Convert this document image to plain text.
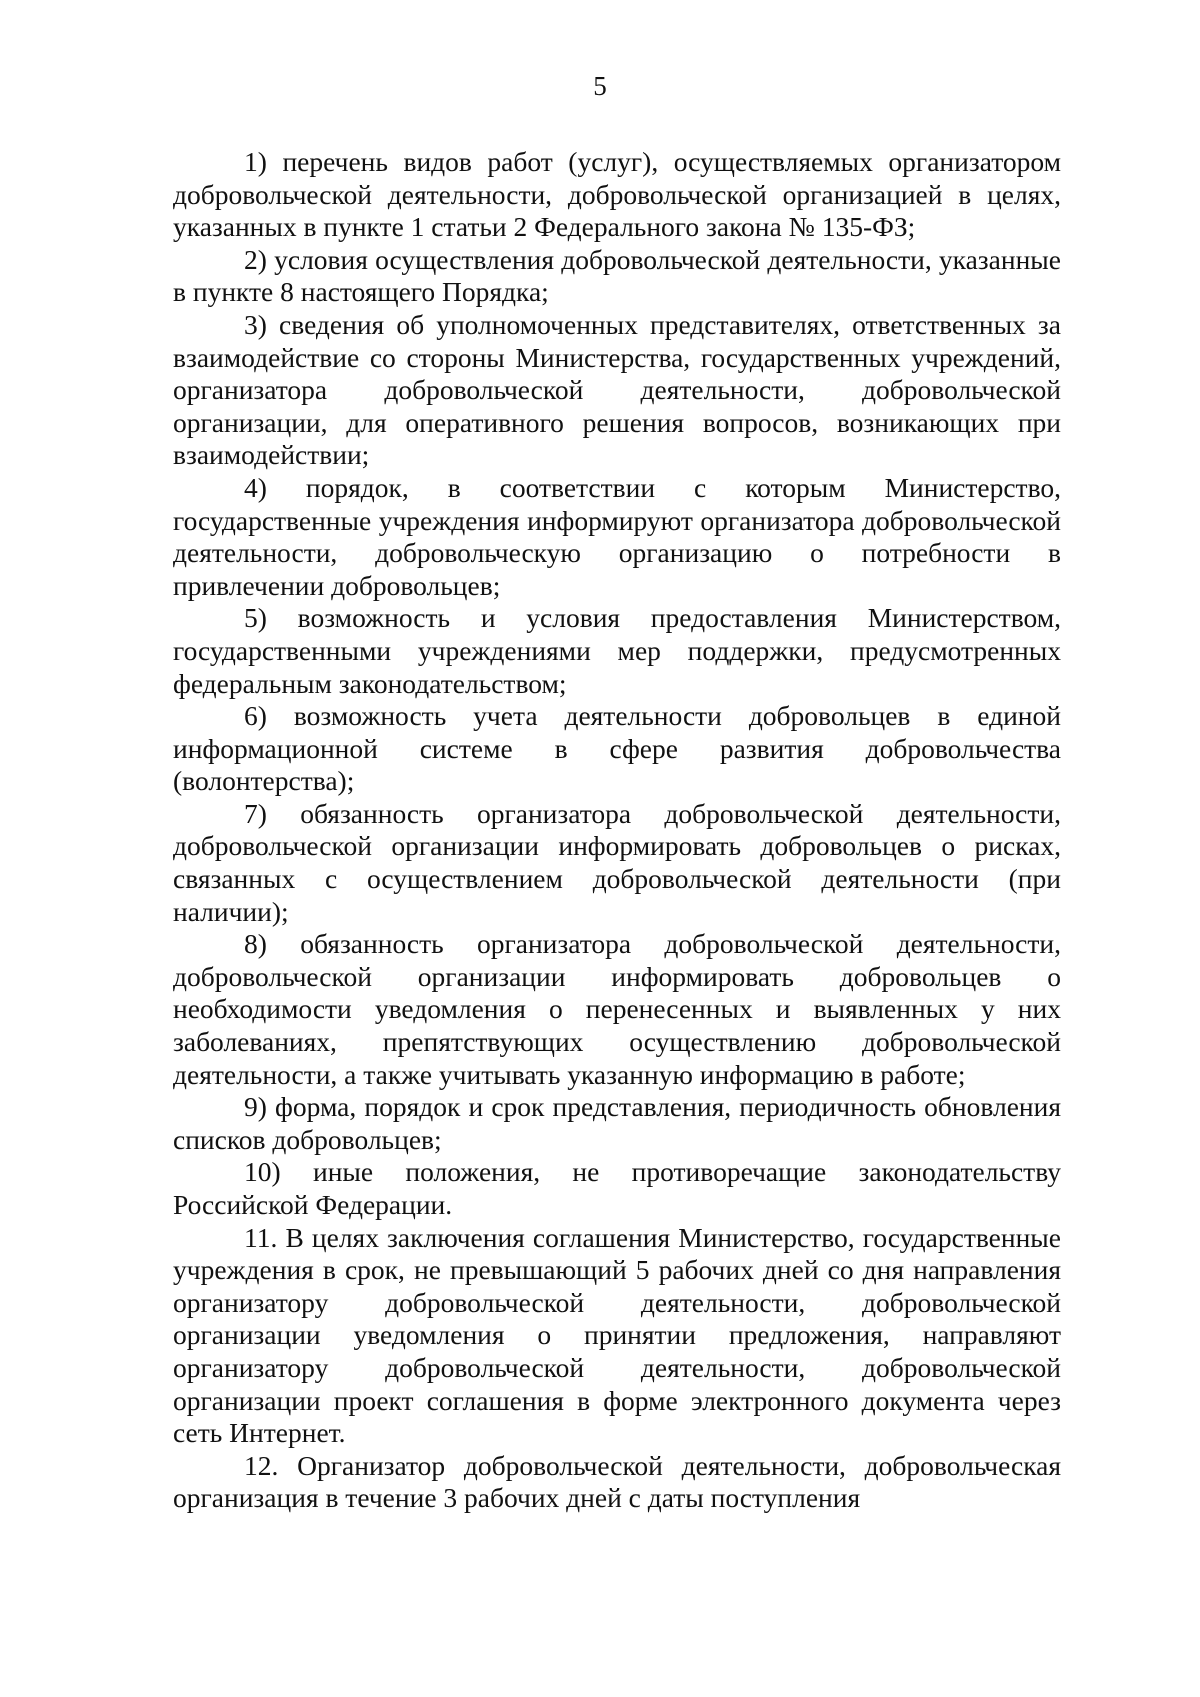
5

1) перечень видов работ (услуг), осуществляемых организатором добровольческой деятельности, добровольческой организацией в целях, указанных в пункте 1 статьи 2 Федерального закона № 135-ФЗ;

2) условия осуществления добровольческой деятельности, указанные в пункте 8 настоящего Порядка;

3) сведения об уполномоченных представителях, ответственных за взаимодействие со стороны Министерства, государственных учреждений, организатора добровольческой деятельности, добровольческой организации, для оперативного решения вопросов, возникающих при взаимодействии;

4) порядок, в соответствии с которым Министерство, государственные учреждения информируют организатора добровольческой деятельности, добровольческую организацию о потребности в привлечении добровольцев;

5) возможность и условия предоставления Министерством, государственными учреждениями мер поддержки, предусмотренных федеральным законодательством;

6) возможность учета деятельности добровольцев в единой информационной системе в сфере развития добровольчества (волонтерства);

7) обязанность организатора добровольческой деятельности, добровольческой организации информировать добровольцев о рисках, связанных с осуществлением добровольческой деятельности (при наличии);

8) обязанность организатора добровольческой деятельности, добровольческой организации информировать добровольцев о необходимости уведомления о перенесенных и выявленных у них заболеваниях, препятствующих осуществлению добровольческой деятельности, а также учитывать указанную информацию в работе;

9) форма, порядок и срок представления, периодичность обновления списков добровольцев;

10) иные положения, не противоречащие законодательству Российской Федерации.

11. В целях заключения соглашения Министерство, государственные учреждения в срок, не превышающий 5 рабочих дней со дня направления организатору добровольческой деятельности, добровольческой организации уведомления о принятии предложения, направляют организатору добровольческой деятельности, добровольческой организации проект соглашения в форме электронного документа через сеть Интернет.

12. Организатор добровольческой деятельности, добровольческая организация в течение 3 рабочих дней с даты поступления
